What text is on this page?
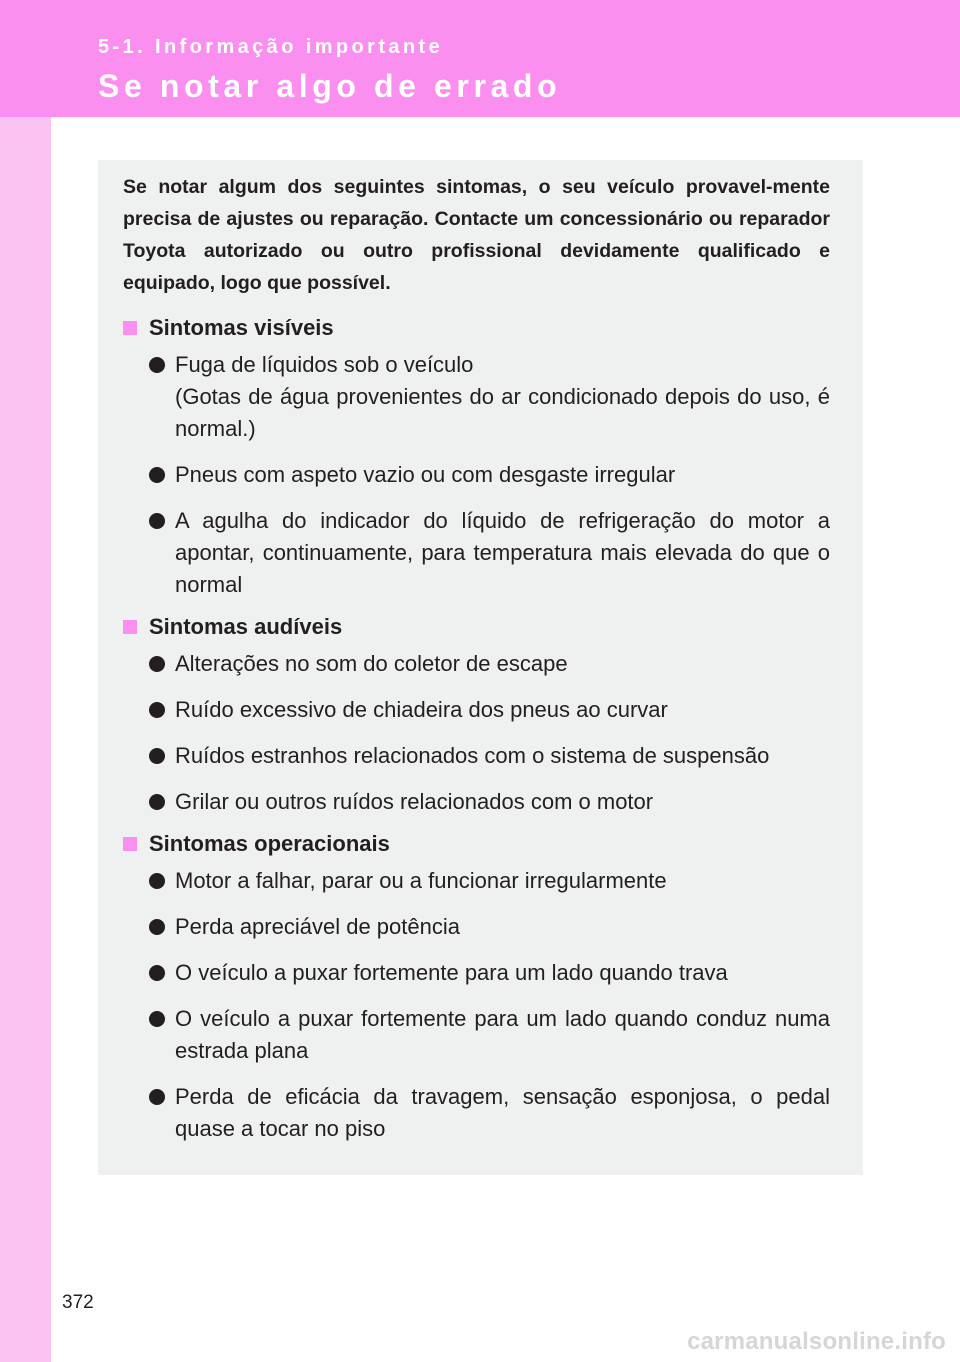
5-1. Informação importante
Se notar algo de errado

Se notar algum dos seguintes sintomas, o seu veículo provavel-mente precisa de ajustes ou reparação. Contacte um concessionário ou reparador Toyota autorizado ou outro profissional devidamente qualificado e equipado, logo que possível.

Sintomas visíveis
Fuga de líquidos sob o veículo
(Gotas de água provenientes do ar condicionado depois do uso, é normal.)
Pneus com aspeto vazio ou com desgaste irregular
A agulha do indicador do líquido de refrigeração do motor a apontar, continuamente, para temperatura mais elevada do que o normal
Sintomas audíveis
Alterações no som do coletor de escape
Ruído excessivo de chiadeira dos pneus ao curvar
Ruídos estranhos relacionados com o sistema de suspensão
Grilar ou outros ruídos relacionados com o motor
Sintomas operacionais
Motor a falhar, parar ou a funcionar irregularmente
Perda apreciável de potência
O veículo a puxar fortemente para um lado quando trava
O veículo a puxar fortemente para um lado quando conduz numa estrada plana
Perda de eficácia da travagem, sensação esponjosa, o pedal quase a tocar no piso
372
carmanualsonline.info
